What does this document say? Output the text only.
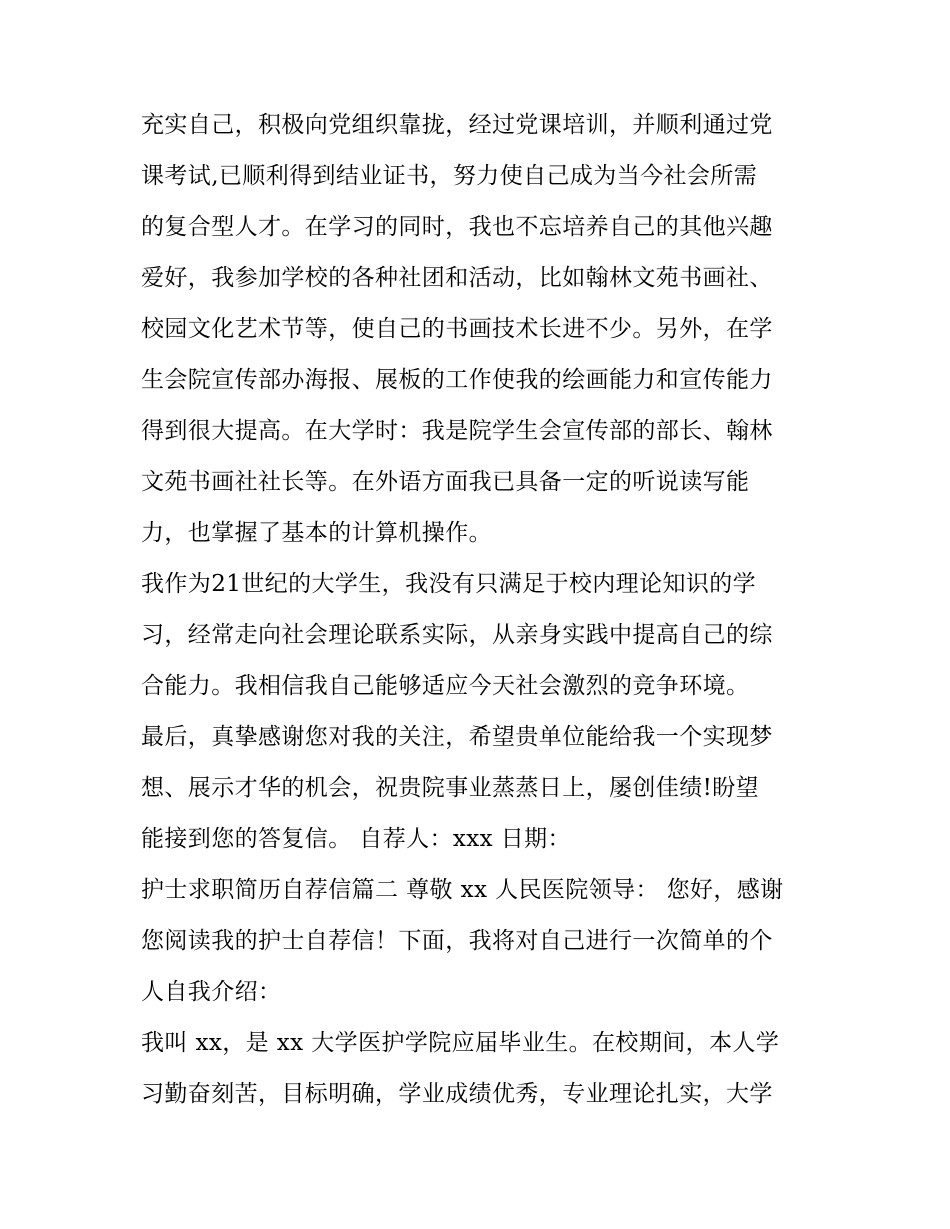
充实自己，积极向党组织靠拢，经过党课培训，并顺利通过党
课考试,已顺利得到结业证书，努力使自己成为当今社会所需
的复合型人才。在学习的同时，我也不忘培养自己的其他兴趣
爱好，我参加学校的各种社团和活动，比如翰林文苑书画社、
校园文化艺术节等，使自己的书画技术长进不少。另外，在学
生会院宣传部办海报、展板的工作使我的绘画能力和宣传能力
得到很大提高。在大学时：我是院学生会宣传部的部长、翰林
文苑书画社社长等。在外语方面我已具备一定的听说读写能
力，也掌握了基本的计算机操作。
我作为21世纪的大学生，我没有只满足于校内理论知识的学
习，经常走向社会理论联系实际，从亲身实践中提高自己的综
合能力。我相信我自己能够适应今天社会激烈的竞争环境。
最后，真挚感谢您对我的关注，希望贵单位能给我一个实现梦
想、展示才华的机会，祝贵院事业蒸蒸日上，屡创佳绩!盼望
能接到您的答复信。 自荐人：xxx 日期：
护士求职简历自荐信篇二 尊敬 xx 人民医院领导： 您好，感谢
您阅读我的护士自荐信！下面，我将对自己进行一次简单的个
人自我介绍：
我叫 xx，是 xx 大学医护学院应届毕业生。在校期间，本人学
习勤奋刻苦，目标明确，学业成绩优秀，专业理论扎实，大学
